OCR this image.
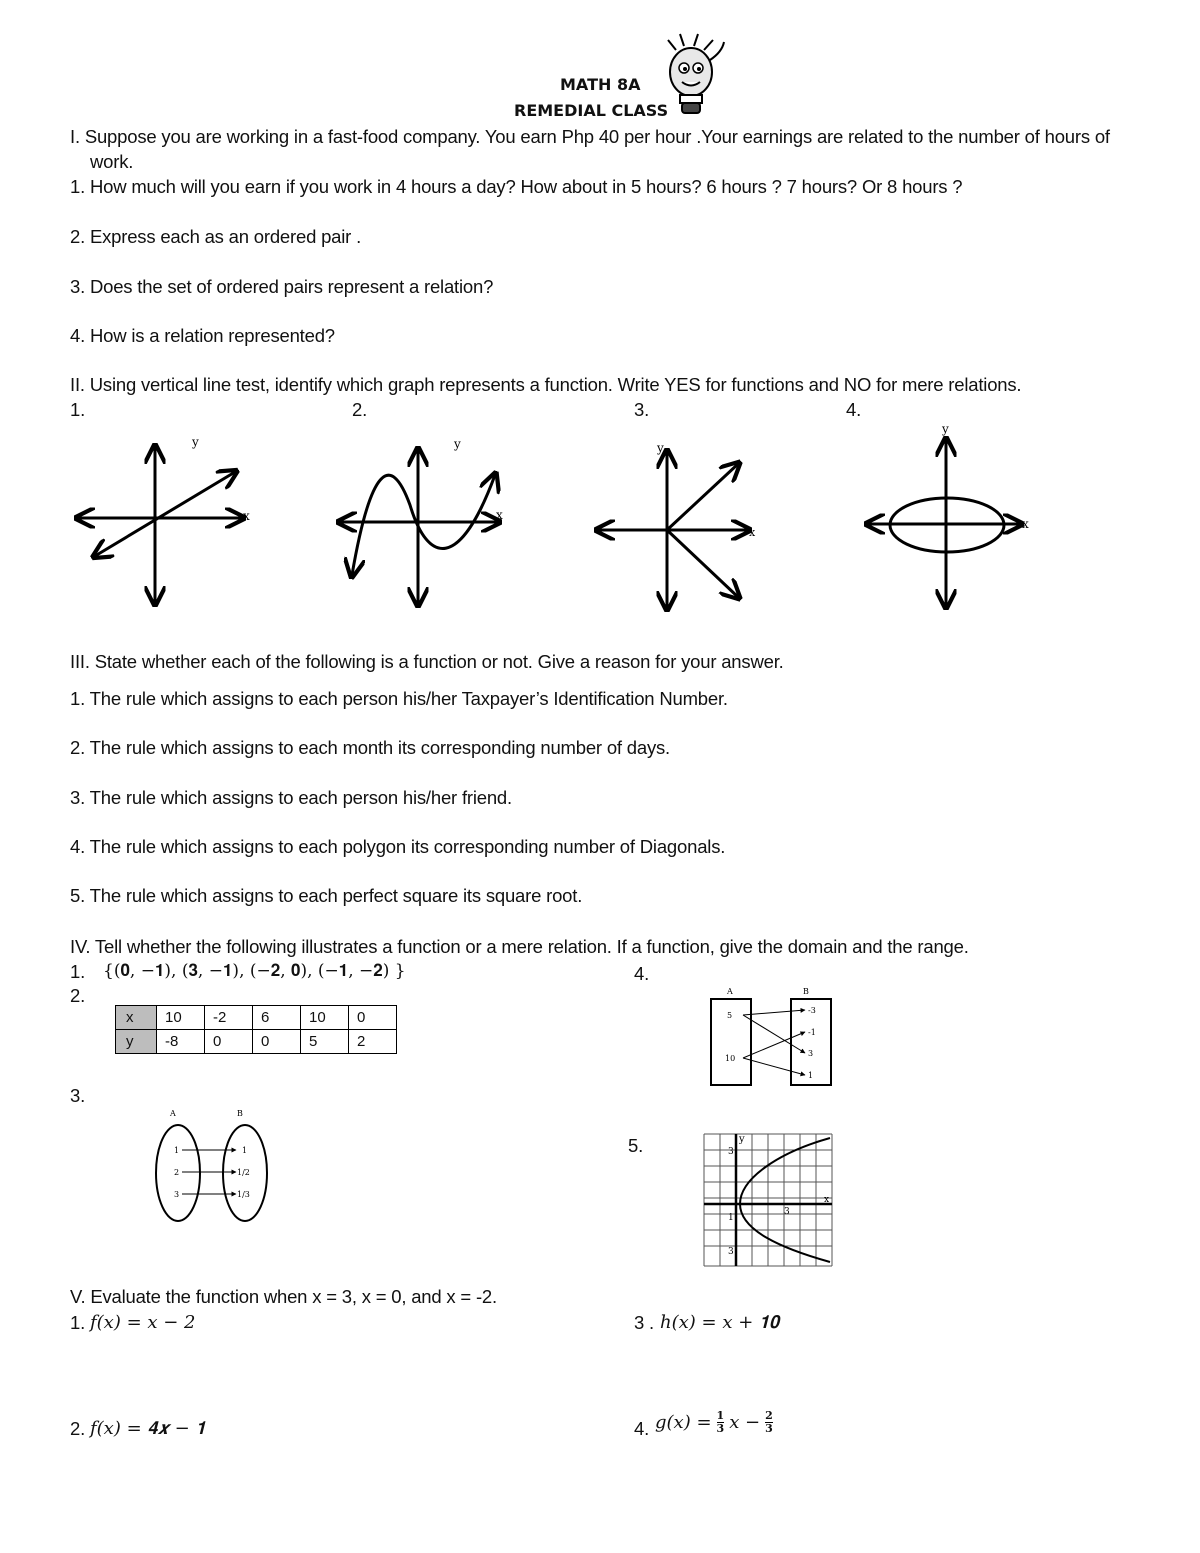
MATH 8A
REMEDIAL CLASS
I. Suppose you are working in a fast-food company. You earn Php 40 per hour .Your earnings are related to the number of hours of
work.
1. How much will you earn if you work in 4 hours a day? How about in 5 hours? 6 hours ? 7 hours? Or 8 hours ?
2. Express each as an ordered pair .
3. Does the set of ordered pairs represent a relation?
4. How is a relation represented?
II. Using vertical line test, identify which graph represents a function. Write YES for functions and NO for mere relations.
1.	2.	3.	4.
x
y
x
y
x
y
x
y
III. State whether each of the following is a function or not. Give a reason for your answer.
1. The rule which assigns to each person his/her Taxpayer’s Identification Number.
2. The rule which assigns to each month its corresponding number of days.
3. The rule which assigns to each person his/her friend.
4. The rule which assigns to each polygon its corresponding number of Diagonals.
5. The rule which assigns to each perfect square its square root.
IV. Tell whether the following illustrates a function or a mere relation. If a function, give the domain and the range.
1. {(𝟎, −𝟏), (𝟑, −𝟏), (−𝟐, 𝟎), (−𝟏, −𝟐) }
2.
3.
4.
5.
x	10	-2	6	10	0
y	-8	0	0	5	2
A	B
1
2
3
1
1/2
1/3
A	B
5
10
-3
-1
3
1
y
x
3
3
1
3
V. Evaluate the function when x = 3, x = 0, and x = -2.
1. 𝑓(𝑥) = 𝑥 − 2
2. 𝑓(𝑥) = 𝟒𝒙 − 𝟏
3 . ℎ(𝑥) = 𝑥 + 𝟏𝟎
4. 𝑔(𝑥) = $\frac{1}{3}$ 𝑥 − $\frac{2}{3}$
